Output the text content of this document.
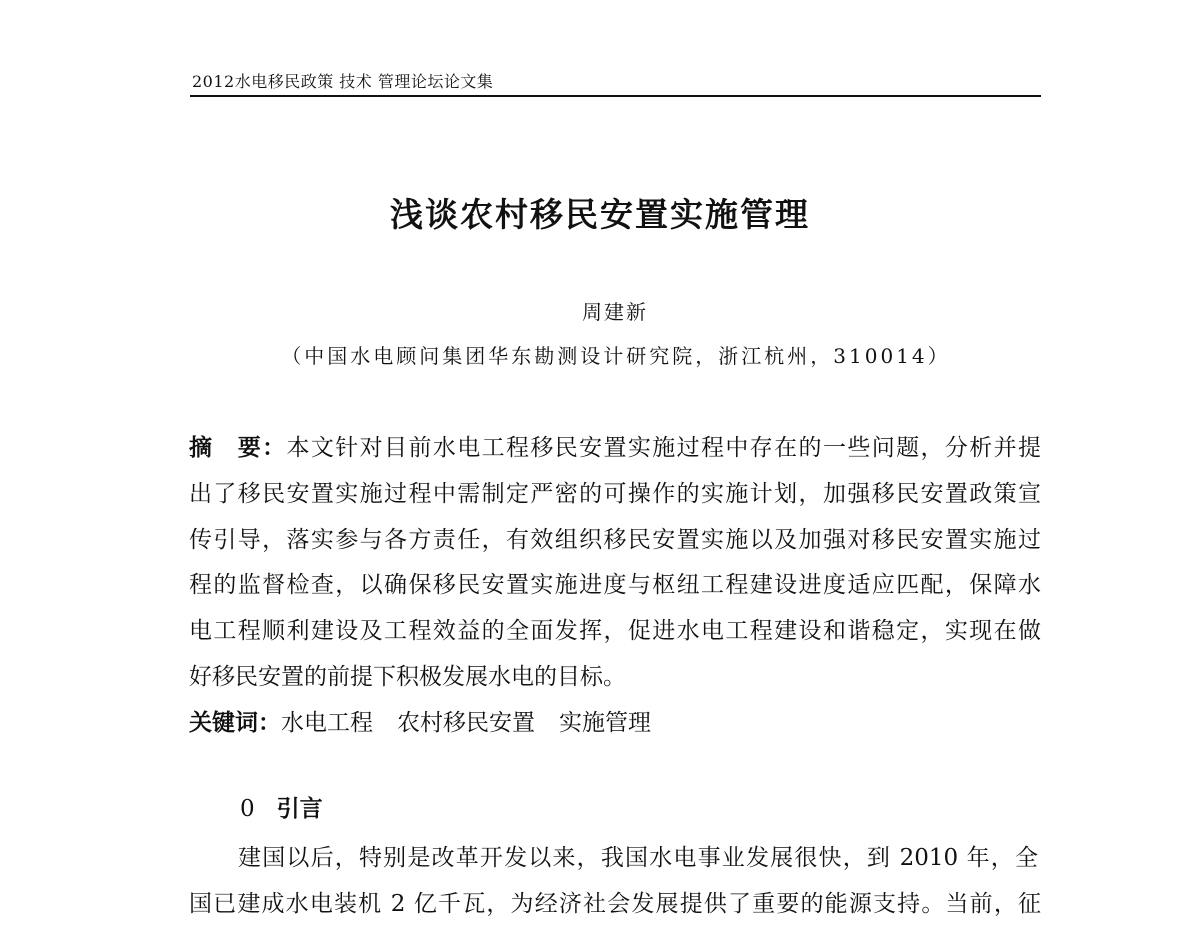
2012水电移民政策 技术 管理论坛论文集
浅谈农村移民安置实施管理
周建新
（中国水电顾问集团华东勘测设计研究院，浙江杭州，310014）
摘　要：本文针对目前水电工程移民安置实施过程中存在的一些问题，分析并提
出了移民安置实施过程中需制定严密的可操作的实施计划，加强移民安置政策宣
传引导，落实参与各方责任，有效组织移民安置实施以及加强对移民安置实施过
程的监督检查，以确保移民安置实施进度与枢纽工程建设进度适应匹配，保障水
电工程顺利建设及工程效益的全面发挥，促进水电工程建设和谐稳定，实现在做
好移民安置的前提下积极发展水电的目标。
关键词：水电工程 农村移民安置 实施管理
0 引言
建国以后，特别是改革开发以来，我国水电事业发展很快，到 2010 年，全
国已建成水电装机 2 亿千瓦，为经济社会发展提供了重要的能源支持。当前，征
